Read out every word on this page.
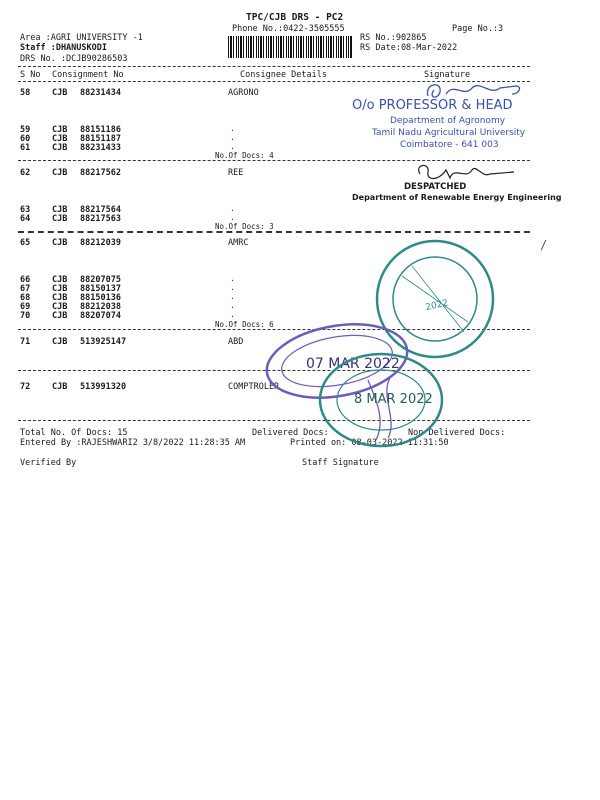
TPC/CJB DRS - PC2
Phone No.:0422-3505555	Page No.:3
Area :AGRI UNIVERSITY -1
Staff :DHANUSKODI
DRS No. :DCJB90286503
RS No.:902865
RS Date:08-Mar-2022
S No Consignment No	Consignee Details	Signature
58	CJB 88231434	AGRONO
59	CJB 88151186	.
60	CJB 88151187	.
61	CJB 88231433	.
No.Of Docs: 4
62	CJB 88217562	REE
63	CJB 88217564	.
64	CJB 88217563	.
No.Of Docs: 3
65	CJB 88212039	AMRC
66	CJB 88207075	.
67	CJB 88150137	.
68	CJB 88150136	.
69	CJB 88212038	.
70	CJB 88207074	.
No.Of Docs: 6
71	CJB 513925147	ABD
72	CJB 513991320	COMPTROLER
Total No. Of Docs: 15	Delivered Docs:	Non Delivered Docs:
Entered By :RAJESHWARI2 3/8/2022 11:28:35 AM	Printed on: 08-03-2022 11:31:50
Verified By	Staff Signature
O/o PROFESSOR & HEAD
Department of Agronomy
Tamil Nadu Agricultural University
Coimbatore - 641 003
DESPATCHED
Department of Renewable Energy Engineering
2022
07 MAR 2022
8 MAR 2022
/
